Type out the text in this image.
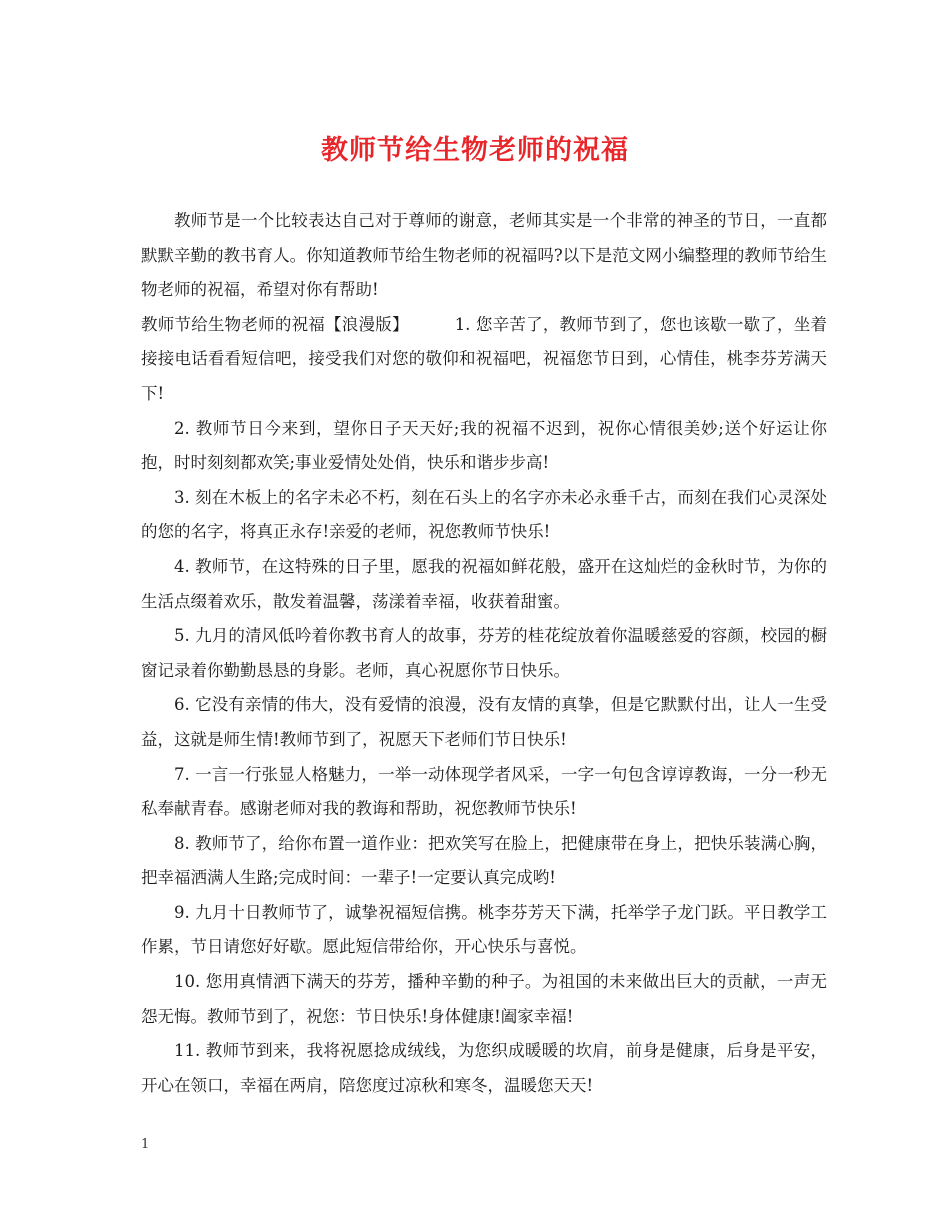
教师节给生物老师的祝福

教师节是一个比较表达自己对于尊师的谢意，老师其实是一个非常的神圣的节日，一直都默默辛勤的教书育人。你知道教师节给生物老师的祝福吗?以下是范文网小编整理的教师节给生物老师的祝福，希望对你有帮助!

教师节给生物老师的祝福【浪漫版】	1. 您辛苦了，教师节到了，您也该歇一歇了，坐着接接电话看看短信吧，接受我们对您的敬仰和祝福吧，祝福您节日到，心情佳，桃李芬芳满天下!

2. 教师节日今来到，望你日子天天好;我的祝福不迟到，祝你心情很美妙;送个好运让你抱，时时刻刻都欢笑;事业爱情处处俏，快乐和谐步步高!

3. 刻在木板上的名字未必不朽，刻在石头上的名字亦未必永垂千古，而刻在我们心灵深处的您的名字，将真正永存!亲爱的老师，祝您教师节快乐!

4. 教师节，在这特殊的日子里，愿我的祝福如鲜花般，盛开在这灿烂的金秋时节，为你的生活点缀着欢乐，散发着温馨，荡漾着幸福，收获着甜蜜。

5. 九月的清风低吟着你教书育人的故事，芬芳的桂花绽放着你温暖慈爱的容颜，校园的橱窗记录着你勤勤恳恳的身影。老师，真心祝愿你节日快乐。

6. 它没有亲情的伟大，没有爱情的浪漫，没有友情的真挚，但是它默默付出，让人一生受益，这就是师生情!教师节到了，祝愿天下老师们节日快乐!

7. 一言一行张显人格魅力，一举一动体现学者风采，一字一句包含谆谆教诲，一分一秒无私奉献青春。感谢老师对我的教诲和帮助，祝您教师节快乐!

8. 教师节了，给你布置一道作业：把欢笑写在脸上，把健康带在身上，把快乐装满心胸，把幸福洒满人生路;完成时间：一辈子!一定要认真完成哟!

9. 九月十日教师节了，诚挚祝福短信携。桃李芬芳天下满，托举学子龙门跃。平日教学工作累，节日请您好好歇。愿此短信带给你，开心快乐与喜悦。

10. 您用真情洒下满天的芬芳，播种辛勤的种子。为祖国的未来做出巨大的贡献，一声无怨无悔。教师节到了，祝您：节日快乐!身体健康!阖家幸福!

11. 教师节到来，我将祝愿捻成绒线，为您织成暖暖的坎肩，前身是健康，后身是平安，开心在领口，幸福在两肩，陪您度过凉秋和寒冬，温暖您天天!

1
